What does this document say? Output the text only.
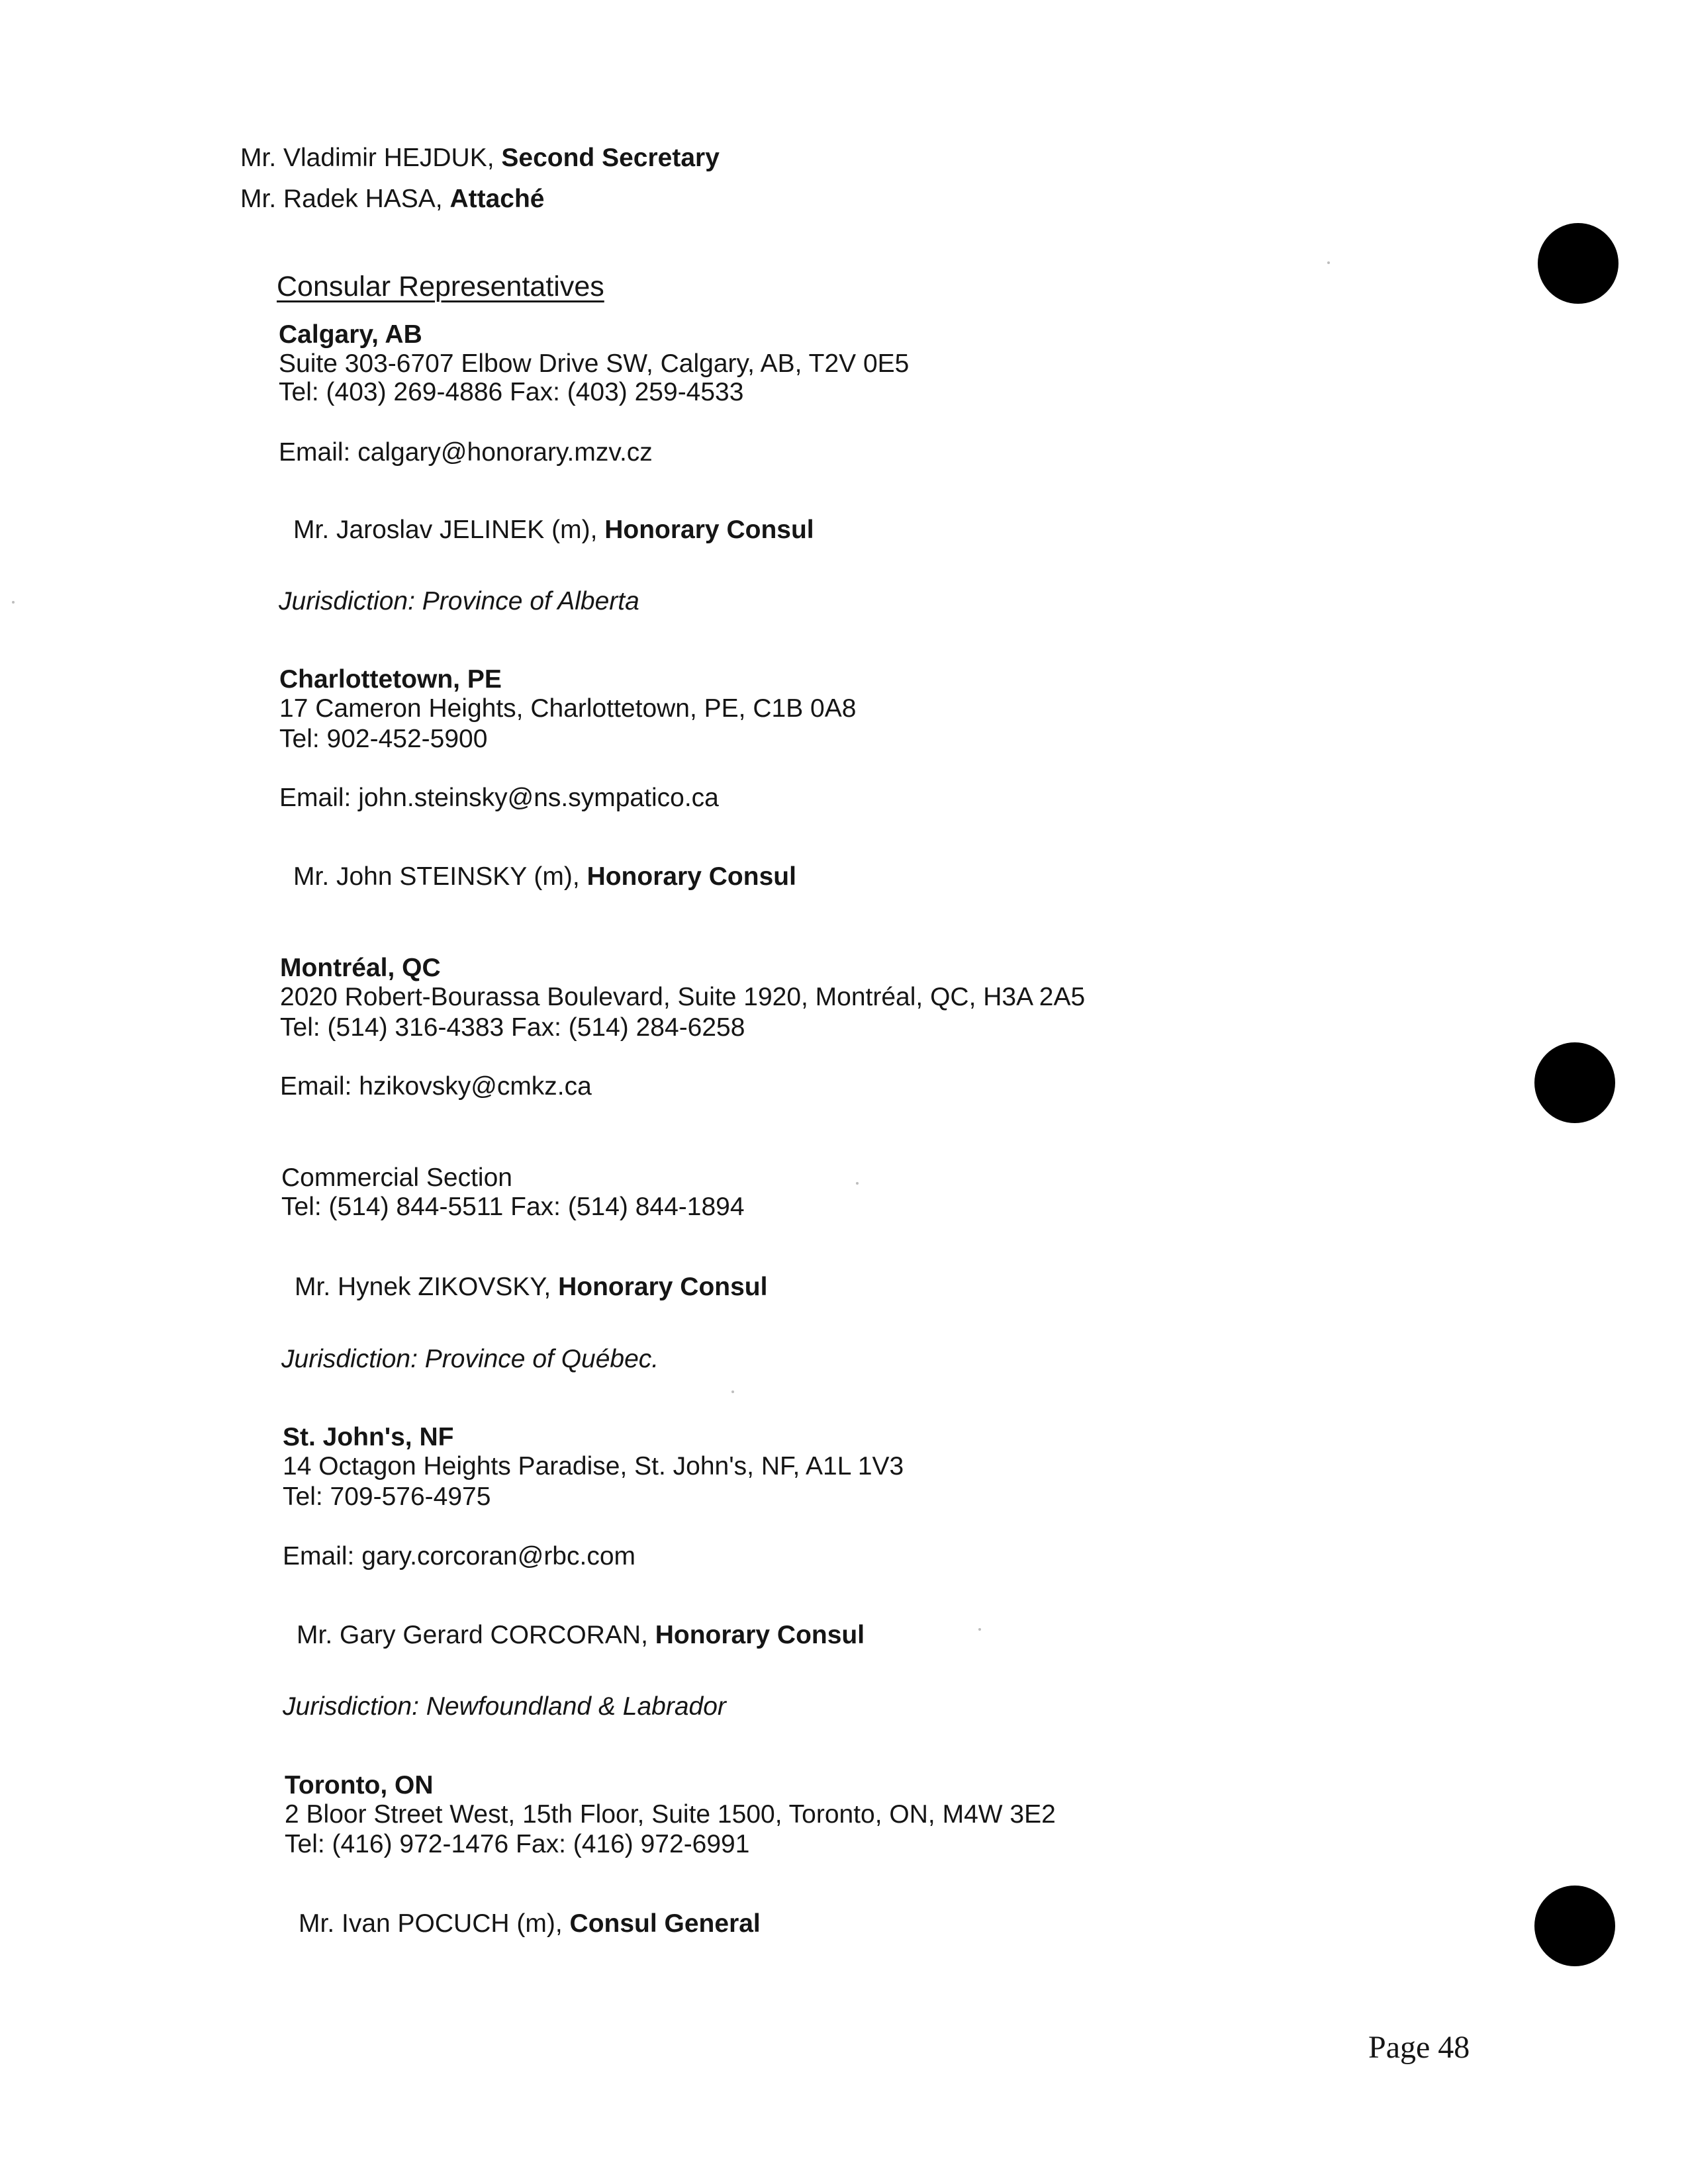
Mr. Vladimir HEJDUK, Second Secretary
Mr. Radek HASA, Attaché
Consular Representatives
Calgary, AB
Suite 303-6707 Elbow Drive SW, Calgary, AB, T2V 0E5
Tel: (403) 269-4886 Fax: (403) 259-4533
Email: calgary@honorary.mzv.cz
Mr. Jaroslav JELINEK (m), Honorary Consul
Jurisdiction: Province of Alberta
Charlottetown, PE
17 Cameron Heights, Charlottetown, PE, C1B 0A8
Tel: 902-452-5900
Email: john.steinsky@ns.sympatico.ca
Mr. John STEINSKY (m), Honorary Consul
Montréal, QC
2020 Robert-Bourassa Boulevard, Suite 1920, Montréal, QC, H3A 2A5
Tel: (514) 316-4383 Fax: (514) 284-6258
Email: hzikovsky@cmkz.ca
Commercial Section
Tel: (514) 844-5511 Fax: (514) 844-1894
Mr. Hynek ZIKOVSKY, Honorary Consul
Jurisdiction: Province of Québec.
St. John's, NF
14 Octagon Heights Paradise, St. John's, NF, A1L 1V3
Tel: 709-576-4975
Email: gary.corcoran@rbc.com
Mr. Gary Gerard CORCORAN, Honorary Consul
Jurisdiction: Newfoundland & Labrador
Toronto, ON
2 Bloor Street West, 15th Floor, Suite 1500, Toronto, ON, M4W 3E2
Tel: (416) 972-1476 Fax: (416) 972-6991
Mr. Ivan POCUCH (m), Consul General
Page 48
